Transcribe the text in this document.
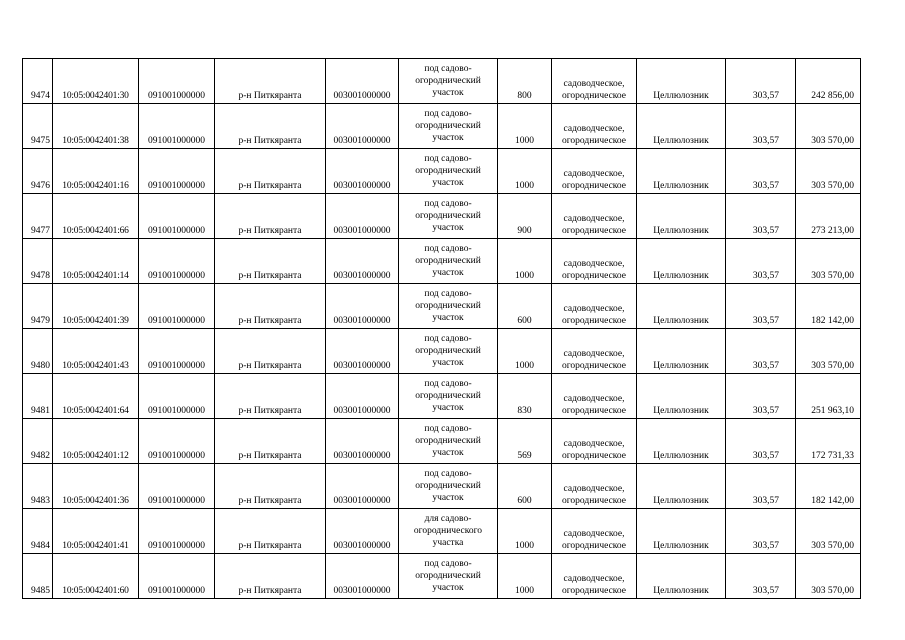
9474	10:05:0042401:30	091001000000	р-н Питкяранта	003001000000	под садово-
огороднический
участок	800	садоводческое,
огородническое	Целлюлозник	303,57	242 856,00
9475	10:05:0042401:38	091001000000	р-н Питкяранта	003001000000	под садово-
огороднический
участок	1000	садоводческое,
огородническое	Целлюлозник	303,57	303 570,00
9476	10:05:0042401:16	091001000000	р-н Питкяранта	003001000000	под садово-
огороднический
участок	1000	садоводческое,
огородническое	Целлюлозник	303,57	303 570,00
9477	10:05:0042401:66	091001000000	р-н Питкяранта	003001000000	под садово-
огороднический
участок	900	садоводческое,
огородническое	Целлюлозник	303,57	273 213,00
9478	10:05:0042401:14	091001000000	р-н Питкяранта	003001000000	под садово-
огороднический
участок	1000	садоводческое,
огородническое	Целлюлозник	303,57	303 570,00
9479	10:05:0042401:39	091001000000	р-н Питкяранта	003001000000	под садово-
огороднический
участок	600	садоводческое,
огородническое	Целлюлозник	303,57	182 142,00
9480	10:05:0042401:43	091001000000	р-н Питкяранта	003001000000	под садово-
огороднический
участок	1000	садоводческое,
огородническое	Целлюлозник	303,57	303 570,00
9481	10:05:0042401:64	091001000000	р-н Питкяранта	003001000000	под садово-
огороднический
участок	830	садоводческое,
огородническое	Целлюлозник	303,57	251 963,10
9482	10:05:0042401:12	091001000000	р-н Питкяранта	003001000000	под садово-
огороднический
участок	569	садоводческое,
огородническое	Целлюлозник	303,57	172 731,33
9483	10:05:0042401:36	091001000000	р-н Питкяранта	003001000000	под садово-
огороднический
участок	600	садоводческое,
огородническое	Целлюлозник	303,57	182 142,00
9484	10:05:0042401:41	091001000000	р-н Питкяранта	003001000000	для садово-
огороднического
участка	1000	садоводческое,
огородническое	Целлюлозник	303,57	303 570,00
9485	10:05:0042401:60	091001000000	р-н Питкяранта	003001000000	под садово-
огороднический
участок	1000	садоводческое,
огородническое	Целлюлозник	303,57	303 570,00
